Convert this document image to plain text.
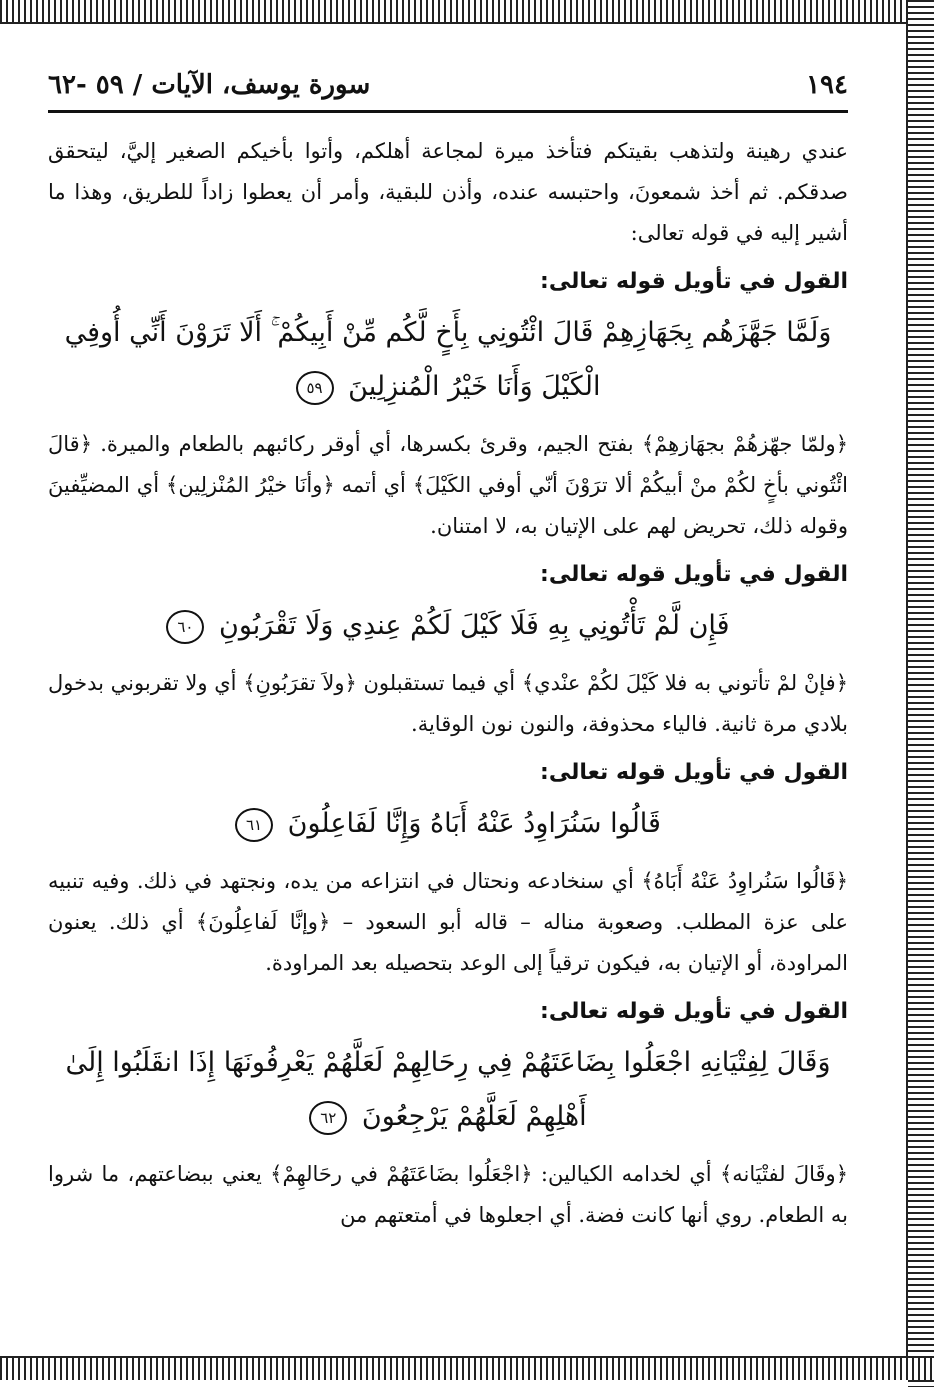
١٩٤
سورة يوسف، الآيات / ٥٩ -٦٢

عندي رهينة ولتذهب بقيتكم فتأخذ ميرة لمجاعة أهلكم، وأتوا بأخيكم الصغير إليَّ، ليتحقق صدقكم. ثم أخذ شمعونَ، واحتبسه عنده، وأذن للبقية، وأمر أن يعطوا زاداً للطريق، وهذا ما أشير إليه في قوله تعالى:

القول في تأويل قوله تعالى:
وَلَمَّا جَهَّزَهُم بِجَهَازِهِمْ قَالَ ائْتُونِي بِأَخٍ لَّكُم مِّنْ أَبِيكُمْ ۚ أَلَا تَرَوْنَ أَنِّي أُوفِي الْكَيْلَ وَأَنَا خَيْرُ الْمُنزِلِينَ ٥٩

﴿ولمّا جهّزهُمْ بجهَازهِمْ﴾ بفتح الجيم، وقرئ بكسرها، أي أوقر ركائبهم بالطعام والميرة. ﴿قالَ ائْتُوني بأخٍ لكُمْ منْ أبيكُمْ ألا ترَوْنَ أنّي أوفي الكَيْلَ﴾ أي أتمه ﴿وأنَا خيْرُ المُنْزلِين﴾ أي المضيِّفينَ وقوله ذلك، تحريض لهم على الإتيان به، لا امتنان.

القول في تأويل قوله تعالى:
فَإِن لَّمْ تَأْتُونِي بِهِ فَلَا كَيْلَ لَكُمْ عِندِي وَلَا تَقْرَبُونِ ٦٠

﴿فإنْ لمْ تأتوني به فلا كَيْلَ لكُمْ عنْدي﴾ أي فيما تستقبلون ﴿ولاَ تقرَبُونِ﴾ أي ولا تقربوني بدخول بلادي مرة ثانية. فالياء محذوفة، والنون نون الوقاية.

القول في تأويل قوله تعالى:
قَالُوا سَنُرَاوِدُ عَنْهُ أَبَاهُ وَإِنَّا لَفَاعِلُونَ ٦١

﴿قَالُوا سَنُراوِدُ عَنْهُ أَبَاهُ﴾ أي سنخادعه ونحتال في انتزاعه من يده، ونجتهد في ذلك. وفيه تنبيه على عزة المطلب. وصعوبة مناله – قاله أبو السعود – ﴿وإنَّا لَفاعِلُونَ﴾ أي ذلك. يعنون المراودة، أو الإتيان به، فيكون ترقياً إلى الوعد بتحصيله بعد المراودة.

القول في تأويل قوله تعالى:
وَقَالَ لِفِتْيَانِهِ اجْعَلُوا بِضَاعَتَهُمْ فِي رِحَالِهِمْ لَعَلَّهُمْ يَعْرِفُونَهَا إِذَا انقَلَبُوا إِلَىٰ أَهْلِهِمْ لَعَلَّهُمْ يَرْجِعُونَ ٦٢

﴿وقَالَ لفتْيَانه﴾ أي لخدامه الكيالين: ﴿اجْعَلُوا بضَاعَتَهُمْ في رحَالهِمْ﴾ يعني ببضاعتهم، ما شروا به الطعام. روي أنها كانت فضة. أي اجعلوها في أمتعتهم من
